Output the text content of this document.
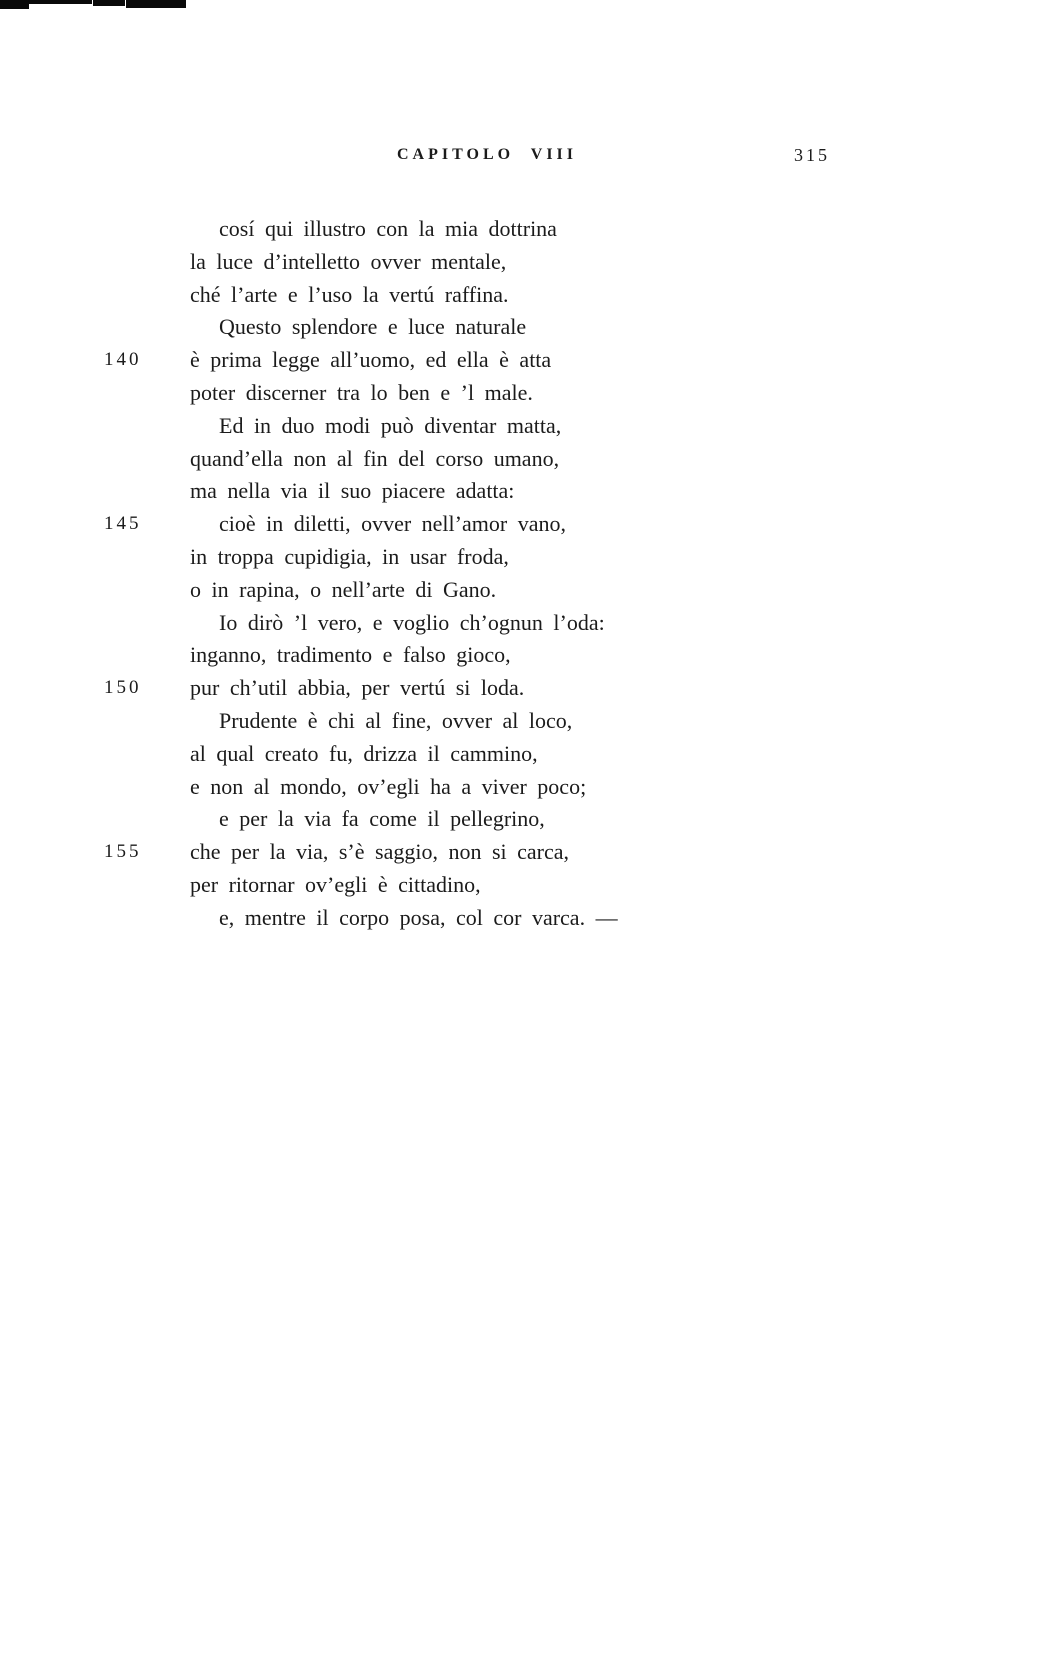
CAPITOLO VIII	315
cosí qui illustro con la mia dottrina
la luce d’intelletto ovver mentale,
ché l’arte e l’uso la vertú raffina.
Questo splendore e luce naturale
140 è prima legge all’uomo, ed ella è atta
poter discerner tra lo ben e ’l male.
Ed in duo modi può diventar matta,
quand’ella non al fin del corso umano,
ma nella via il suo piacere adatta:
145	cioè in diletti, ovver nell’amor vano,
in troppa cupidigia, in usar froda,
o in rapina, o nell’arte di Gano.
Io dirò ’l vero, e voglio ch’ognun l’oda:
inganno, tradimento e falso gioco,
150 pur ch’util abbia, per vertú si loda.
Prudente è chi al fine, ovver al loco,
al qual creato fu, drizza il cammino,
e non al mondo, ov’egli ha a viver poco;
e per la via fa come il pellegrino,
155 che per la via, s’è saggio, non si carca,
per ritornar ov’egli è cittadino,
e, mentre il corpo posa, col cor varca. —
